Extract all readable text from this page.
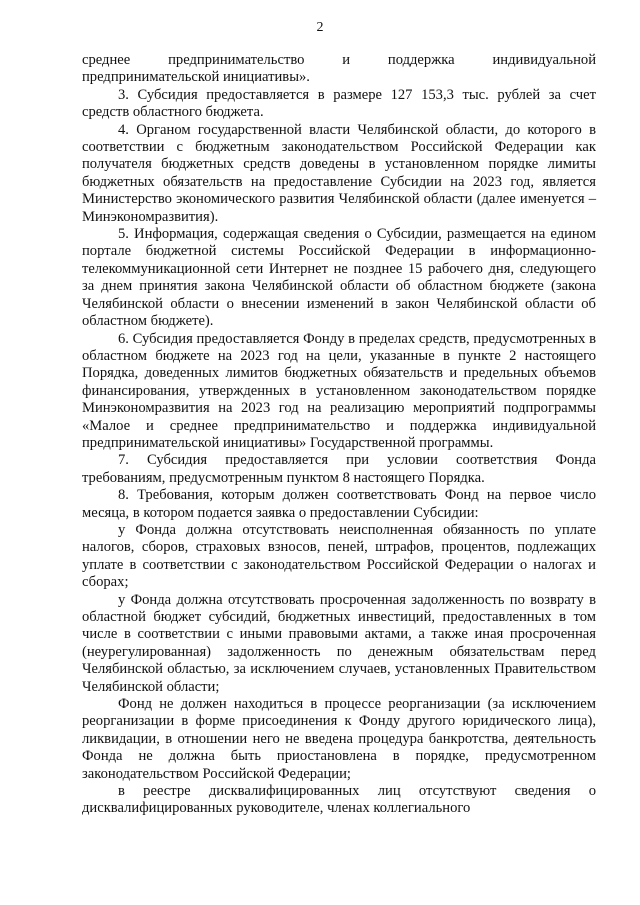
2

среднее предпринимательство и поддержка индивидуальной предпринимательской инициативы».

3. Субсидия предоставляется в размере 127 153,3 тыс. рублей за счет средств областного бюджета.

4. Органом государственной власти Челябинской области, до которого в соответствии с бюджетным законодательством Российской Федерации как получателя бюджетных средств доведены в установленном порядке лимиты бюджетных обязательств на предоставление Субсидии на 2023 год, является Министерство экономического развития Челябинской области (далее именуется – Минэкономразвития).

5. Информация, содержащая сведения о Субсидии, размещается на едином портале бюджетной системы Российской Федерации в информационно-телекоммуникационной сети Интернет не позднее 15 рабочего дня, следующего за днем принятия закона Челябинской области об областном бюджете (закона Челябинской области о внесении изменений в закон Челябинской области об областном бюджете).

6. Субсидия предоставляется Фонду в пределах средств, предусмотренных в областном бюджете на 2023 год на цели, указанные в пункте 2 настоящего Порядка, доведенных лимитов бюджетных обязательств и предельных объемов финансирования, утвержденных в установленном законодательством порядке Минэкономразвития на 2023 год на реализацию мероприятий подпрограммы «Малое и среднее предпринимательство и поддержка индивидуальной предпринимательской инициативы» Государственной программы.

7. Субсидия предоставляется при условии соответствия Фонда требованиям, предусмотренным пунктом 8 настоящего Порядка.

8. Требования, которым должен соответствовать Фонд на первое число месяца, в котором подается заявка о предоставлении Субсидии:

у Фонда должна отсутствовать неисполненная обязанность по уплате налогов, сборов, страховых взносов, пеней, штрафов, процентов, подлежащих уплате в соответствии с законодательством Российской Федерации о налогах и сборах;

у Фонда должна отсутствовать просроченная задолженность по возврату в областной бюджет субсидий, бюджетных инвестиций, предоставленных в том числе в соответствии с иными правовыми актами, а также иная просроченная (неурегулированная) задолженность по денежным обязательствам перед Челябинской областью, за исключением случаев, установленных Правительством Челябинской области;

Фонд не должен находиться в процессе реорганизации (за исключением реорганизации в форме присоединения к Фонду другого юридического лица), ликвидации, в отношении него не введена процедура банкротства, деятельность Фонда не должна быть приостановлена в порядке, предусмотренном законодательством Российской Федерации;

в реестре дисквалифицированных лиц отсутствуют сведения о дисквалифицированных руководителе, членах коллегиального
